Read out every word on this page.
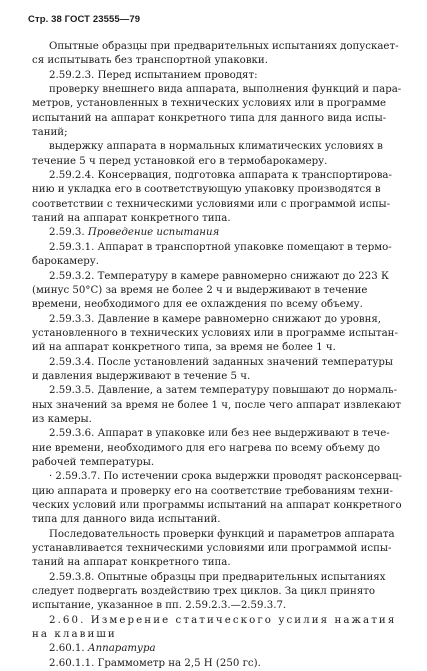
Стр. 38 ГОСТ 23555—79
Опытные образцы при предварительных испытаниях допускает-
ся испытывать без транспортной упаковки.
2.59.2.3. Перед испытанием проводят:
проверку внешнего вида аппарата, выполнения функций и пара-
метров, установленных в технических условиях или в программе
испытаний на аппарат конкретного типа для данного вида испы-
таний;
выдержку аппарата в нормальных климатических условиях в
течение 5 ч перед установкой его в термобарокамеру.
2.59.2.4. Консервация, подготовка аппарата к транспортирова-
нию и укладка его в соответствующую упаковку производятся в
соответствии с техническими условиями или с программой испы-
таний на аппарат конкретного типа.
2.59.3. Проведение испытания
2.59.3.1. Аппарат в транспортной упаковке помещают в термо-
барокамеру.
2.59.3.2. Температуру в камере равномерно снижают до 223 К
(минус 50°С) за время не более 2 ч и выдерживают в течение
времени, необходимого для ее охлаждения по всему объему.
2.59.3.3. Давление в камере равномерно снижают до уровня,
установленного в технических условиях или в программе испытан-
ий на аппарат конкретного типа, за время не более 1 ч.
2.59.3.4. После установлений заданных значений температуры
и давления выдерживают в течение 5 ч.
2.59.3.5. Давление, а затем температуру повышают до нормаль-
ных значений за время не более 1 ч, после чего аппарат извлекают
из камеры.
2.59.3.6. Аппарат в упаковке или без нее выдерживают в тече-
ние времени, необходимого для его нагрева по всему объему до
рабочей температуры.
· 2.59.3.7. По истечении срока выдержки проводят расконсервац-
цию аппарата и проверку его на соответствие требованиям техни-
ческих условий или программы испытаний на аппарат конкретного
типа для данного вида испытаний.
Последовательность проверки функций и параметров аппарата
устанавливается техническими условиями или программой испы-
таний на аппарат конкретного типа.
2.59.3.8. Опытные образцы при предварительных испытаниях
следует подвергать воздействию трех циклов. За цикл принято
испытание, указанное в пп. 2.59.2.3.—2.59.3.7.
2.60. Измерение статического усилия нажатия
на клавиши
2.60.1. Аппаратура
2.60.1.1. Граммометр на 2,5 Н (250 гс).
